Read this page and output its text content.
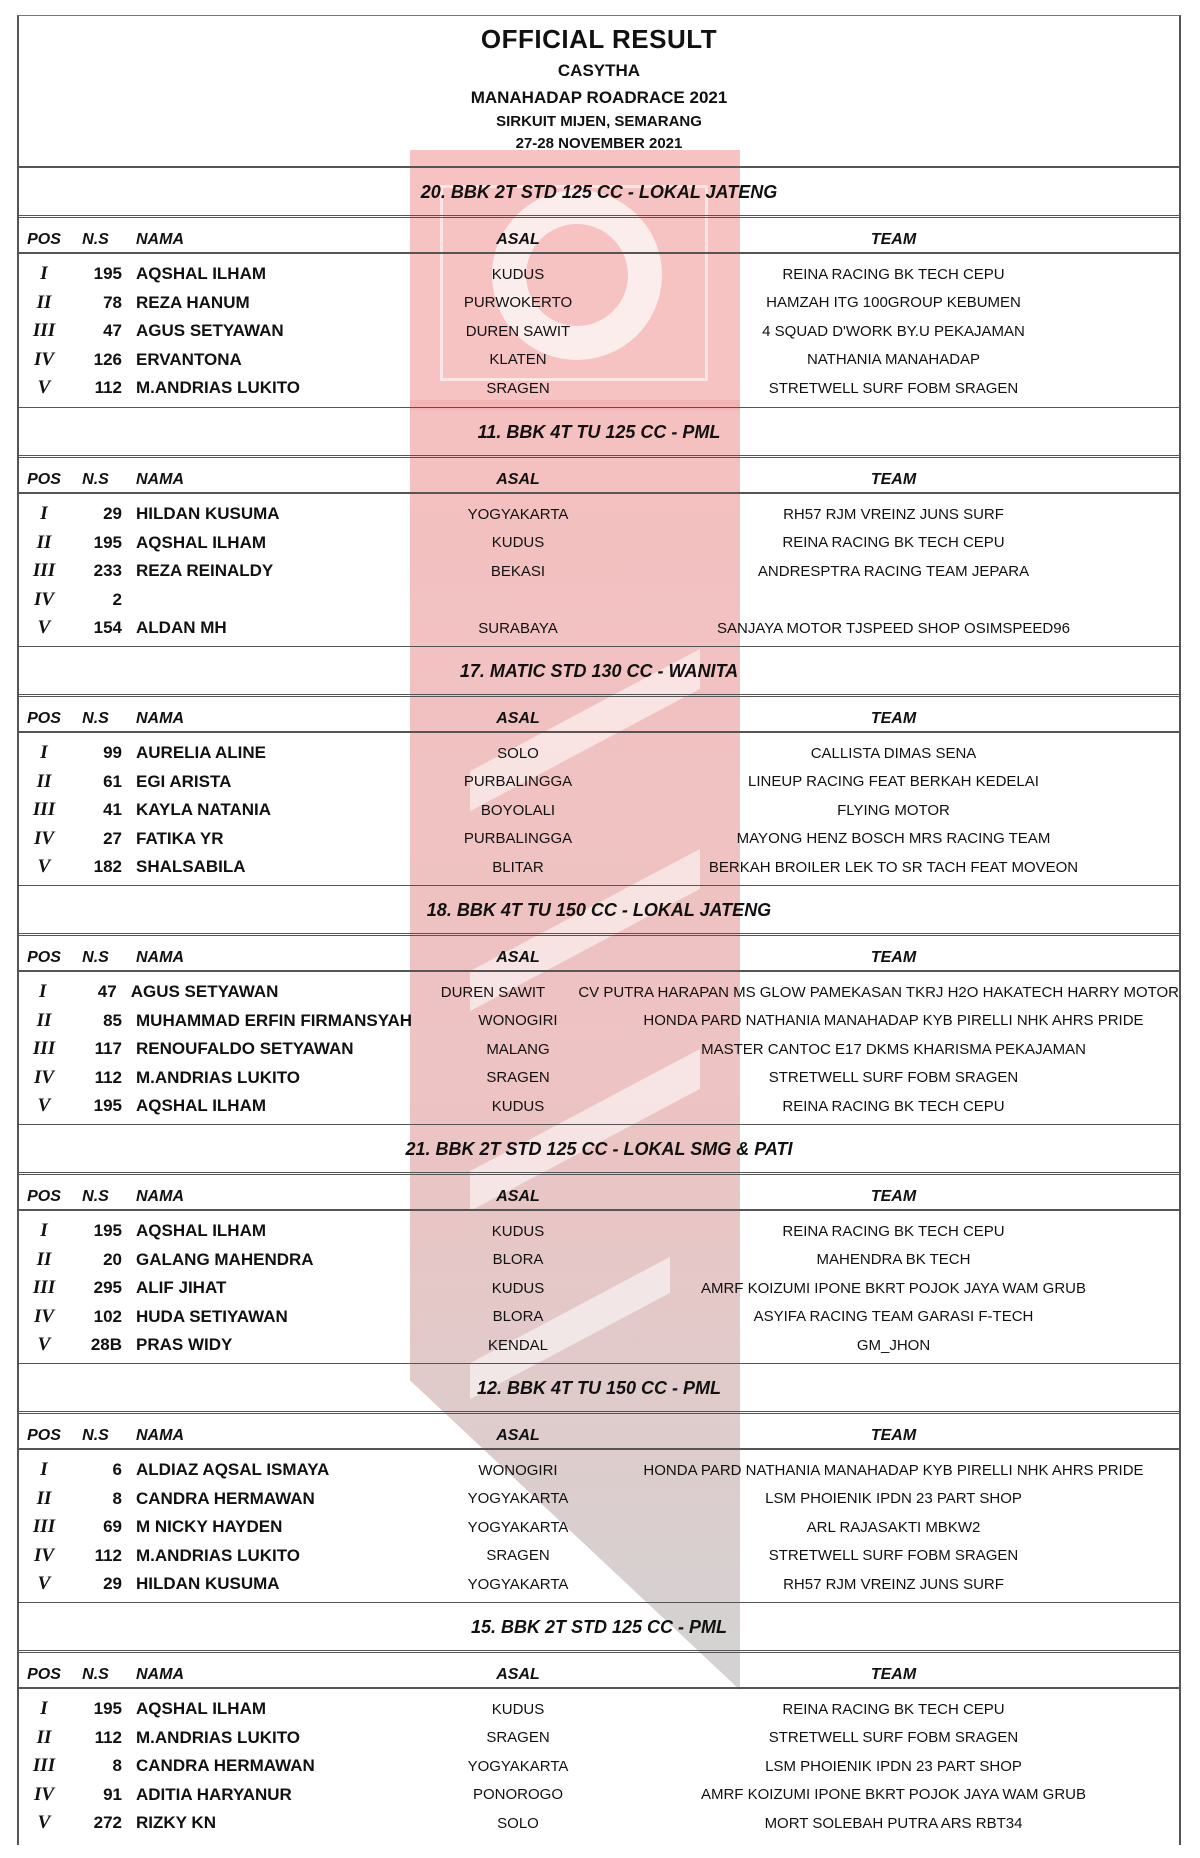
OFFICIAL RESULT
CASYTHA
MANAHADAP ROADRACE 2021
SIRKUIT MIJEN, SEMARANG
27-28 NOVEMBER 2021
20. BBK 2T STD 125 CC - LOKAL JATENG
POS	N.S	NAMA	ASAL	TEAM
I	195 AQSHAL ILHAM	KUDUS	REINA RACING BK TECH CEPU
II	78 REZA HANUM	PURWOKERTO	HAMZAH ITG 100GROUP KEBUMEN
III	47 AGUS SETYAWAN	DUREN SAWIT	4 SQUAD D'WORK BY.U PEKAJAMAN
IV	126 ERVANTONA	KLATEN	NATHANIA MANAHADAP
V	112 M.ANDRIAS LUKITO	SRAGEN	STRETWELL SURF FOBM SRAGEN
11. BBK 4T TU 125 CC - PML
POS	N.S	NAMA	ASAL	TEAM
I	29 HILDAN KUSUMA	YOGYAKARTA	RH57 RJM VREINZ JUNS SURF
II	195 AQSHAL ILHAM	KUDUS	REINA RACING BK TECH CEPU
III	233 REZA REINALDY	BEKASI	ANDRESPTRA RACING TEAM JEPARA
IV	2
V	154 ALDAN MH	SURABAYA	SANJAYA MOTOR TJSPEED SHOP OSIMSPEED96
17. MATIC STD 130 CC - WANITA
POS	N.S	NAMA	ASAL	TEAM
I	99 AURELIA ALINE	SOLO	CALLISTA DIMAS SENA
II	61 EGI ARISTA	PURBALINGGA	LINEUP RACING FEAT BERKAH KEDELAI
III	41 KAYLA NATANIA	BOYOLALI	FLYING MOTOR
IV	27 FATIKA YR	PURBALINGGA	MAYONG HENZ BOSCH MRS RACING TEAM
V	182 SHALSABILA	BLITAR	BERKAH BROILER LEK TO SR TACH FEAT MOVEON
18. BBK 4T TU 150 CC - LOKAL JATENG
POS	N.S	NAMA	ASAL	TEAM
I	47 AGUS SETYAWAN	DUREN SAWIT	CV PUTRA HARAPAN MS GLOW PAMEKASAN TKRJ H2O HAKATECH HARRY MOTOR
II	85 MUHAMMAD ERFIN FIRMANSYAH	WONOGIRI	HONDA PARD NATHANIA MANAHADAP KYB PIRELLI NHK AHRS PRIDE
III	117 RENOUFALDO SETYAWAN	MALANG	MASTER CANTOC E17 DKMS KHARISMA PEKAJAMAN
IV	112 M.ANDRIAS LUKITO	SRAGEN	STRETWELL SURF FOBM SRAGEN
V	195 AQSHAL ILHAM	KUDUS	REINA RACING BK TECH CEPU
21. BBK 2T STD 125 CC - LOKAL SMG & PATI
POS	N.S	NAMA	ASAL	TEAM
I	195 AQSHAL ILHAM	KUDUS	REINA RACING BK TECH CEPU
II	20 GALANG MAHENDRA	BLORA	MAHENDRA BK TECH
III	295 ALIF JIHAT	KUDUS	AMRF KOIZUMI IPONE BKRT POJOK JAYA WAM GRUB
IV	102 HUDA SETIYAWAN	BLORA	ASYIFA RACING TEAM GARASI F-TECH
V	28B PRAS WIDY	KENDAL	GM_JHON
12. BBK 4T TU 150 CC - PML
POS	N.S	NAMA	ASAL	TEAM
I	6 ALDIAZ AQSAL ISMAYA	WONOGIRI	HONDA PARD NATHANIA MANAHADAP KYB PIRELLI NHK AHRS PRIDE
II	8 CANDRA HERMAWAN	YOGYAKARTA	LSM PHOIENIK IPDN 23 PART SHOP
III	69 M NICKY HAYDEN	YOGYAKARTA	ARL RAJASAKTI MBKW2
IV	112 M.ANDRIAS LUKITO	SRAGEN	STRETWELL SURF FOBM SRAGEN
V	29 HILDAN KUSUMA	YOGYAKARTA	RH57 RJM VREINZ JUNS SURF
15. BBK 2T STD 125 CC - PML
POS	N.S	NAMA	ASAL	TEAM
I	195 AQSHAL ILHAM	KUDUS	REINA RACING BK TECH CEPU
II	112 M.ANDRIAS LUKITO	SRAGEN	STRETWELL SURF FOBM SRAGEN
III	8 CANDRA HERMAWAN	YOGYAKARTA	LSM PHOIENIK IPDN 23 PART SHOP
IV	91 ADITIA HARYANUR	PONOROGO	AMRF KOIZUMI IPONE BKRT POJOK JAYA WAM GRUB
V	272 RIZKY KN	SOLO	MORT SOLEBAH PUTRA ARS RBT34
